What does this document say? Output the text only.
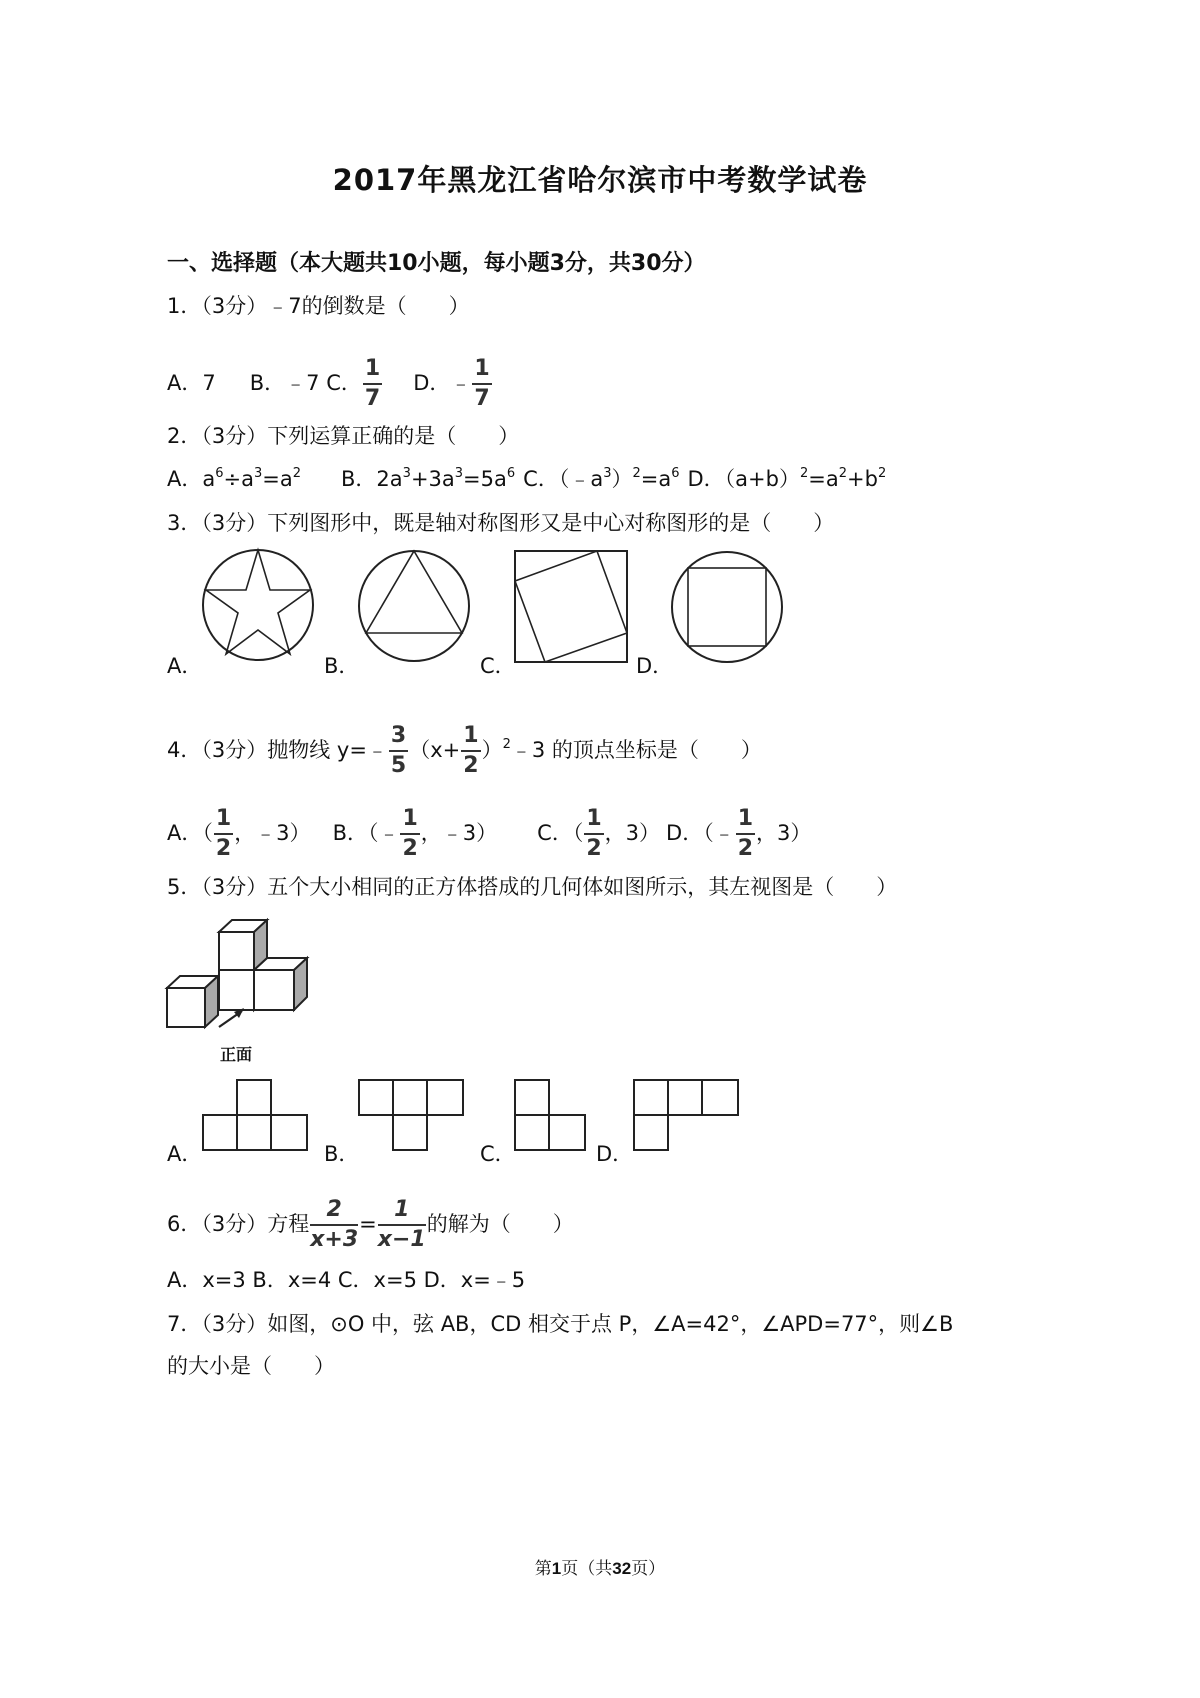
2017年黑龙江省哈尔滨市中考数学试卷
一、选择题（本大题共10小题，每小题3分，共30分）
1．（3分）﹣7的倒数是（　　）
A．7 B．﹣7 C． $\frac{1}{7}$ D．﹣ $\frac{1}{7}$
2．（3分）下列运算正确的是（　　）
A．$a^6\div a^3=a^2$ B．$2a^3+3a^3=5a^6$ C．$(﹣a^3)^2=a^6$ D．$(a+b)^2=a^2+b^2$
3．（3分）下列图形中，既是轴对称图形又是中心对称图形的是（　　）
A．	B．	C．	D．
4．（3分）抛物线 y=﹣ $\frac{3}{5} (x+ \frac{1}{2}$ ）$^2﹣3$ 的顶点坐标是（　　）
A．（ $\frac{1}{2}$ ，﹣3） B．（﹣ $\frac{1}{2}$ ，﹣3） C．（ $\frac{1}{2}$ ，3） D．（﹣ $\frac{1}{2}$ ，3）
5．（3分）五个大小相同的正方体搭成的几何体如图所示，其左视图是（　　）
正面
A．	B．	C．	D．
6．（3分）方程 $\frac{2}{x+3} = \frac{1}{x-1}$ 的解为（　　）
A．x=3 B．x=4 C．x=5 D．x=﹣5
7．（3分）如图，⊙O 中，弦 AB，CD 相交于点 P，∠A=42°，∠APD=77°，则∠B
的大小是（　　）
第1页（共32页）
